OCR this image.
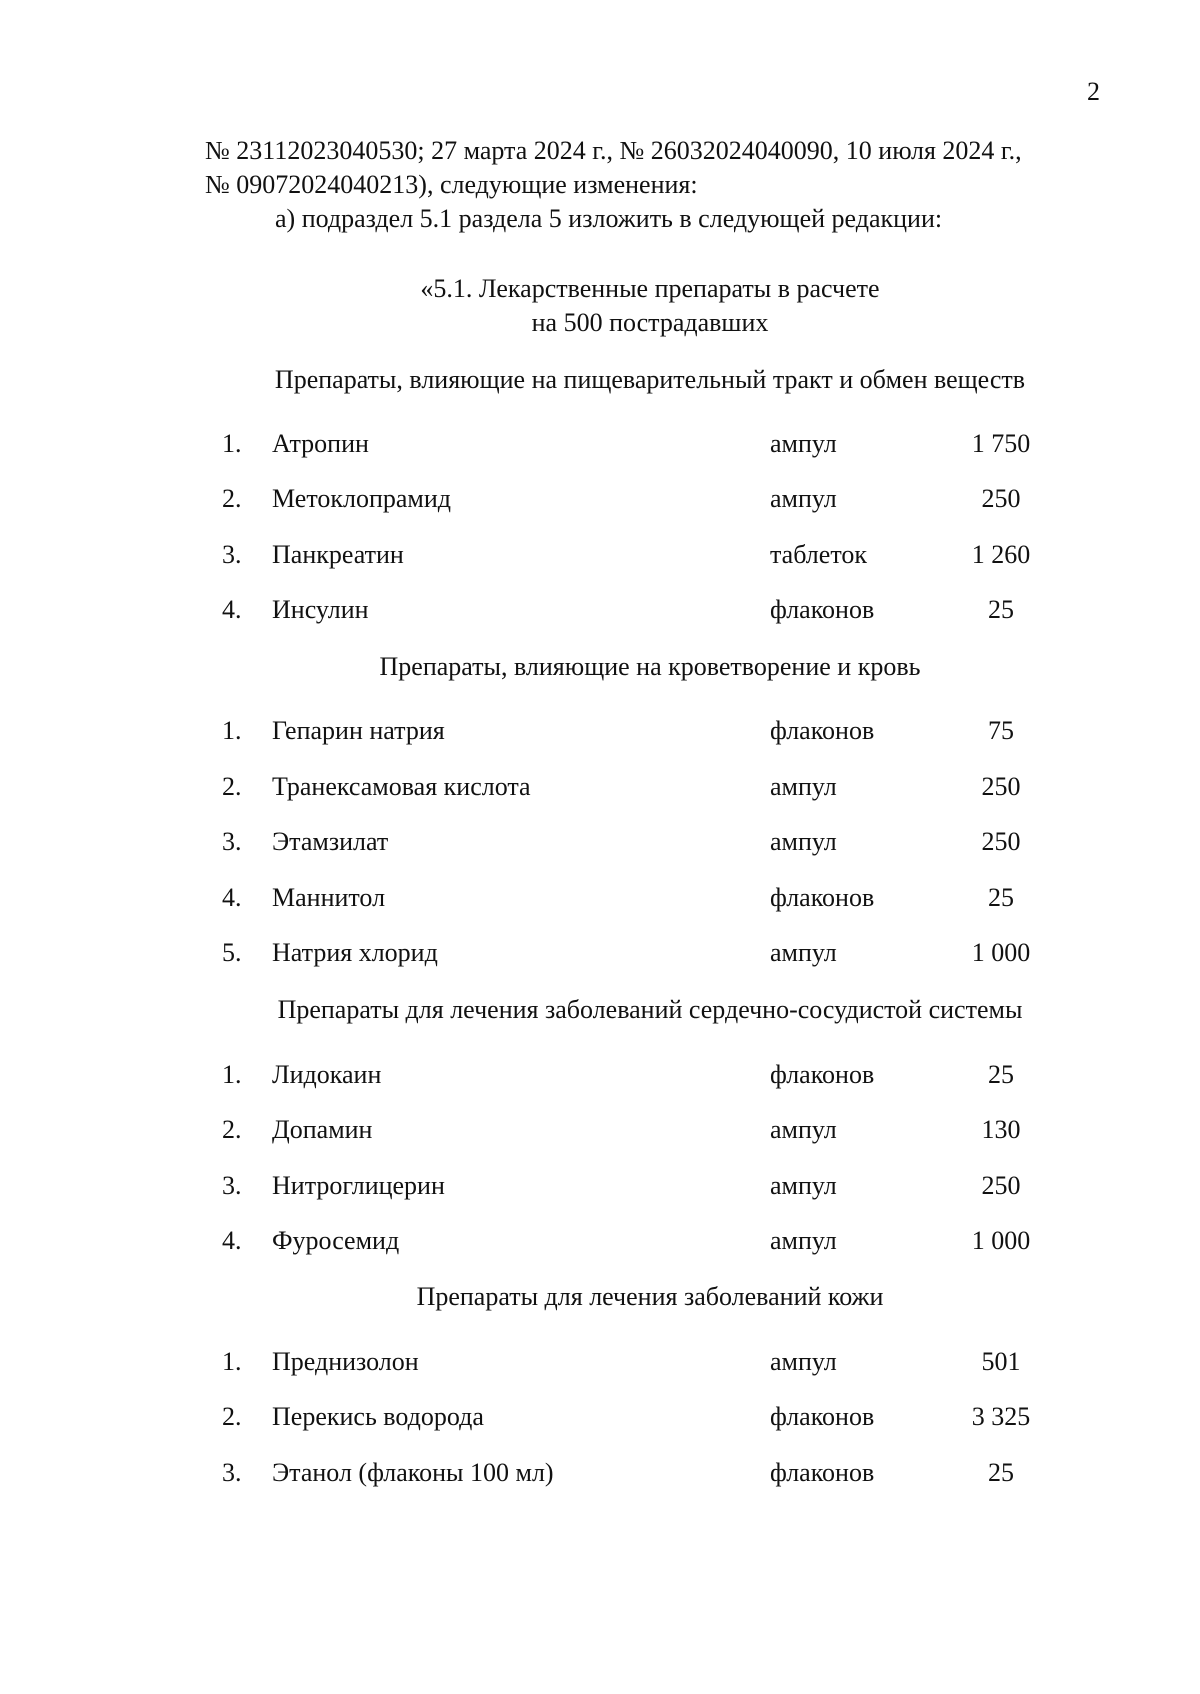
2
№ 23112023040530; 27 марта 2024 г., № 26032024040090, 10 июля 2024 г.,
№ 09072024040213), следующие изменения:
а) подраздел 5.1 раздела 5 изложить в следующей редакции:
«5.1. Лекарственные препараты в расчете
на 500 пострадавших
Препараты, влияющие на пищеварительный тракт и обмен веществ
1. Атропин	ампул	1 750
2. Метоклопрамид	ампул	250
3. Панкреатин	таблеток	1 260
4. Инсулин	флаконов	25
Препараты, влияющие на кроветворение и кровь
1. Гепарин натрия	флаконов	75
2. Транексамовая кислота	ампул	250
3. Этамзилат	ампул	250
4. Маннитол	флаконов	25
5. Натрия хлорид	ампул	1 000
Препараты для лечения заболеваний сердечно-сосудистой системы
1. Лидокаин	флаконов	25
2. Допамин	ампул	130
3. Нитроглицерин	ампул	250
4. Фуросемид	ампул	1 000
Препараты для лечения заболеваний кожи
1. Преднизолон	ампул	501
2. Перекись водорода	флаконов	3 325
3. Этанол (флаконы 100 мл)	флаконов	25
